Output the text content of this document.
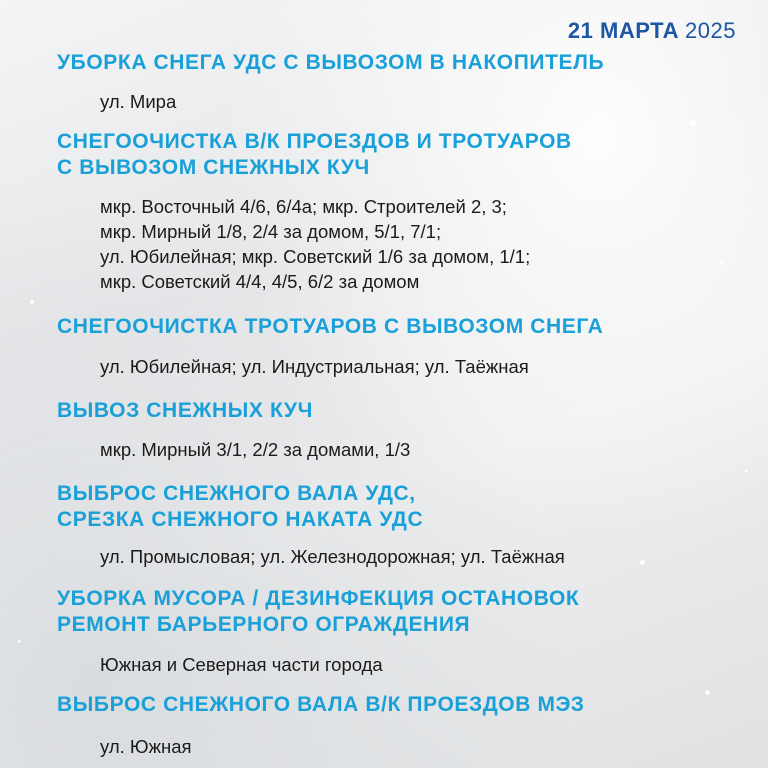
21 МАРТА 2025
УБОРКА СНЕГА УДС С ВЫВОЗОМ В НАКОПИТЕЛЬ
ул. Мира
СНЕГООЧИСТКА В/К ПРОЕЗДОВ И ТРОТУАРОВ
С ВЫВОЗОМ СНЕЖНЫХ КУЧ
мкр. Восточный 4/6, 6/4а; мкр. Строителей 2, 3;
мкр. Мирный 1/8, 2/4 за домом, 5/1, 7/1;
ул. Юбилейная; мкр. Советский 1/6 за домом, 1/1;
мкр. Советский 4/4, 4/5, 6/2 за домом
СНЕГООЧИСТКА ТРОТУАРОВ С ВЫВОЗОМ СНЕГА
ул. Юбилейная; ул. Индустриальная; ул. Таёжная
ВЫВОЗ СНЕЖНЫХ КУЧ
мкр. Мирный 3/1, 2/2 за домами, 1/3
ВЫБРОС СНЕЖНОГО ВАЛА УДС,
СРЕЗКА СНЕЖНОГО НАКАТА УДС
ул. Промысловая; ул. Железнодорожная; ул. Таёжная
УБОРКА МУСОРА / ДЕЗИНФЕКЦИЯ ОСТАНОВОК
РЕМОНТ БАРЬЕРНОГО ОГРАЖДЕНИЯ
Южная и Северная части города
ВЫБРОС СНЕЖНОГО ВАЛА В/К ПРОЕЗДОВ МЭЗ
ул. Южная
